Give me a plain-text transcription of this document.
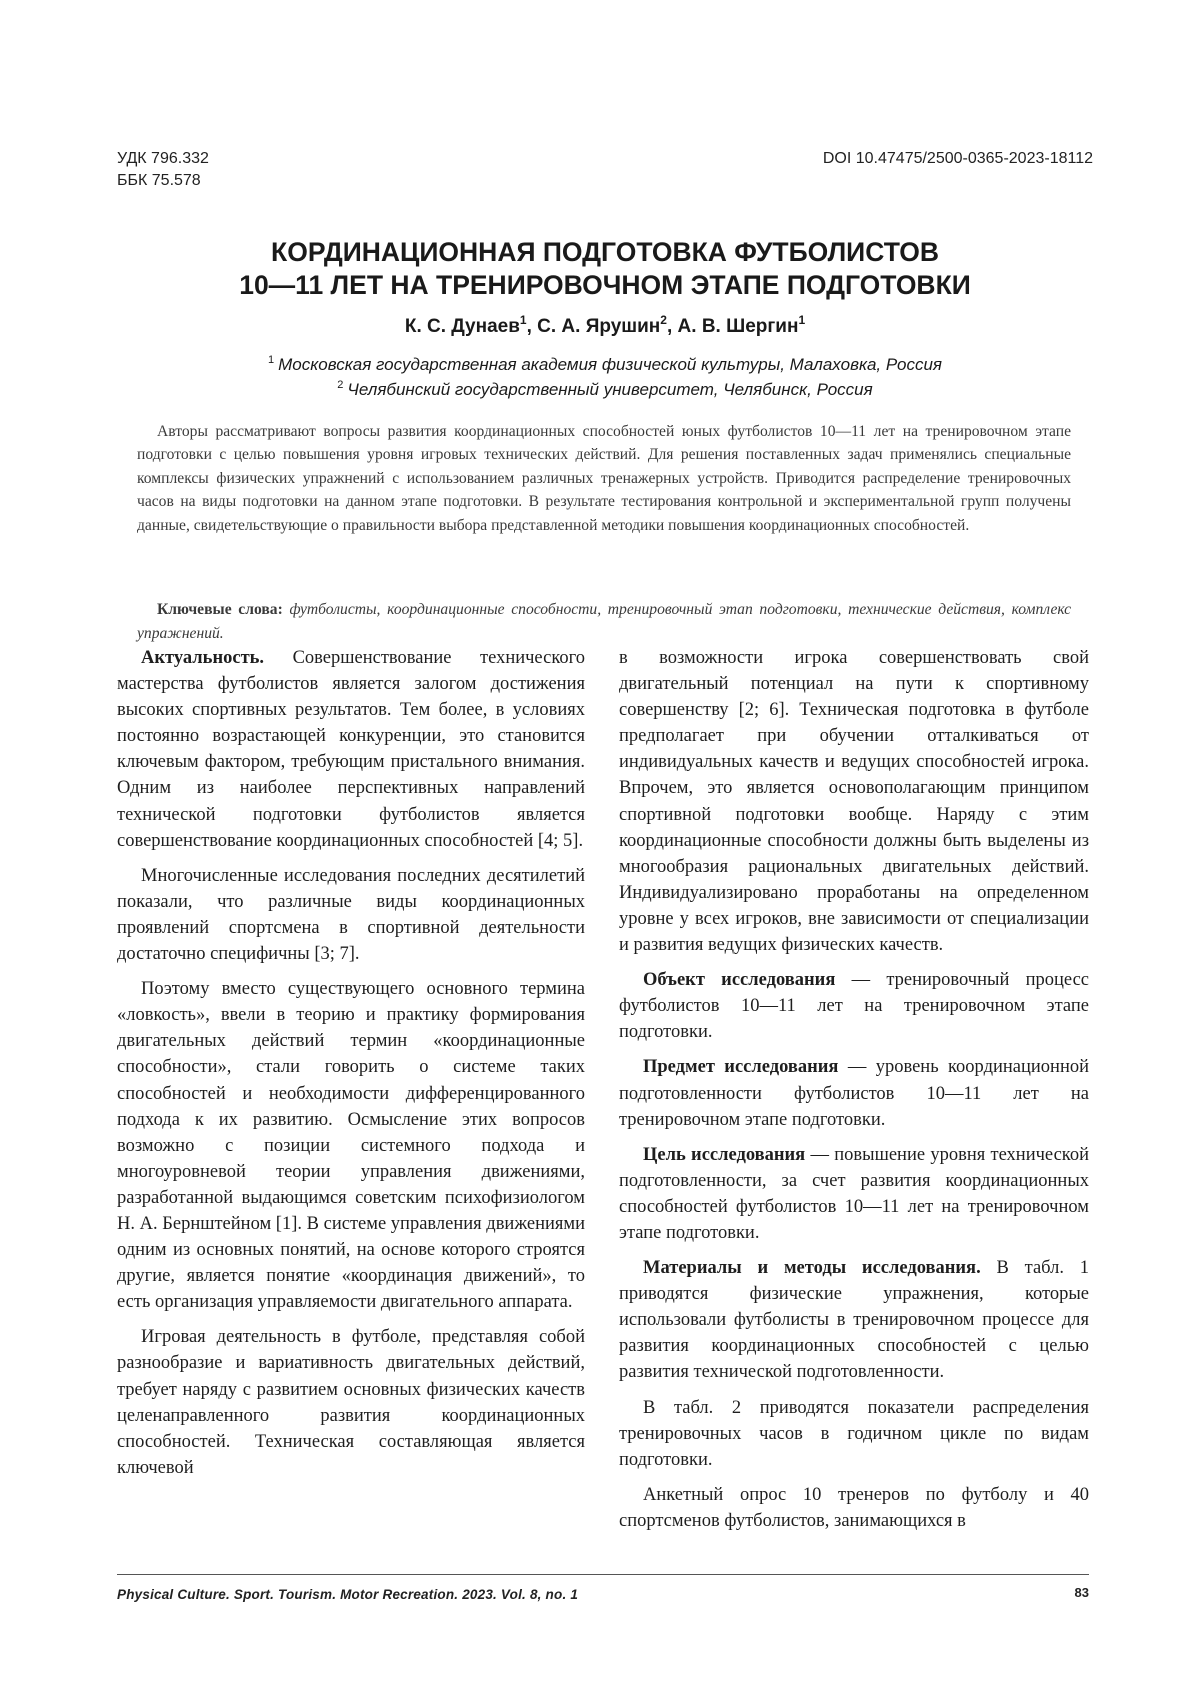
УДК 796.332
ББК 75.578
DOI 10.47475/2500-0365-2023-18112
КОРДИНАЦИОННАЯ ПОДГОТОВКА ФУТБОЛИСТОВ
10—11 ЛЕТ НА ТРЕНИРОВОЧНОМ ЭТАПЕ ПОДГОТОВКИ
К. С. Дунаев$^1$, С. А. Ярушин$^2$, А. В. Шергин$^1$
$^1$ Московская государственная академия физической культуры, Малаховка, Россия
$^2$ Челябинский государственный университет, Челябинск, Россия
Авторы рассматривают вопросы развития координационных способностей юных футболистов 10—11 лет на тренировочном этапе подготовки с целью повышения уровня игровых технических действий. Для решения поставленных задач применялись специальные комплексы физических упражнений с использованием различных тренажерных устройств. Приводится распределение тренировочных часов на виды подготовки на данном этапе подготовки. В результате тестирования контрольной и экспериментальной групп получены данные, свидетельствующие о правильности выбора представленной методики повышения координационных способностей.
Ключевые слова: футболисты, координационные способности, тренировочный этап подготовки, технические действия, комплекс упражнений.

Актуальность. Совершенствование технического мастерства футболистов является залогом достижения высоких спортивных результатов. Тем более, в условиях постоянно возрастающей конкуренции, это становится ключевым фактором, требующим пристального внимания. Одним из наиболее перспективных направлений технической подготовки футболистов является совершенствование координационных способностей [4; 5].

Многочисленные исследования последних десятилетий показали, что различные виды координационных проявлений спортсмена в спортивной деятельности достаточно специфичны [3; 7].

Поэтому вместо существующего основного термина «ловкость», ввели в теорию и практику формирования двигательных действий термин «координационные способности», стали говорить о системе таких способностей и необходимости дифференцированного подхода к их развитию. Осмысление этих вопросов возможно с позиции системного подхода и многоуровневой теории управления движениями, разработанной выдающимся советским психофизиологом Н. А. Бернштейном [1]. В системе управления движениями одним из основных понятий, на основе которого строятся другие, является понятие «координация движений», то есть организация управляемости двигательного аппарата.

Игровая деятельность в футболе, представляя собой разнообразие и вариативность двигательных действий, требует наряду с развитием основных физических качеств целенаправленного развития координационных способностей. Техническая составляющая является ключевой

в возможности игрока совершенствовать свой двигательный потенциал на пути к спортивному совершенству [2; 6]. Техническая подготовка в футболе предполагает при обучении отталкиваться от индивидуальных качеств и ведущих способностей игрока. Впрочем, это является основополагающим принципом спортивной подготовки вообще. Наряду с этим координационные способности должны быть выделены из многообразия рациональных двигательных действий. Индивидуализировано проработаны на определенном уровне у всех игроков, вне зависимости от специализации и развития ведущих физических качеств.

Объект исследования — тренировочный процесс футболистов 10—11 лет на тренировочном этапе подготовки.

Предмет исследования — уровень координационной подготовленности футболистов 10—11 лет на тренировочном этапе подготовки.

Цель исследования — повышение уровня технической подготовленности, за счет развития координационных способностей футболистов 10—11 лет на тренировочном этапе подготовки.

Материалы и методы исследования. В табл. 1 приводятся физические упражнения, которые использовали футболисты в тренировочном процессе для развития координационных способностей с целью развития технической подготовленности.

В табл. 2 приводятся показатели распределения тренировочных часов в годичном цикле по видам подготовки.

Анкетный опрос 10 тренеров по футболу и 40 спортсменов футболистов, занимающихся в

Physical Culture. Sport. Tourism. Motor Recreation. 2023. Vol. 8, no. 1	83
